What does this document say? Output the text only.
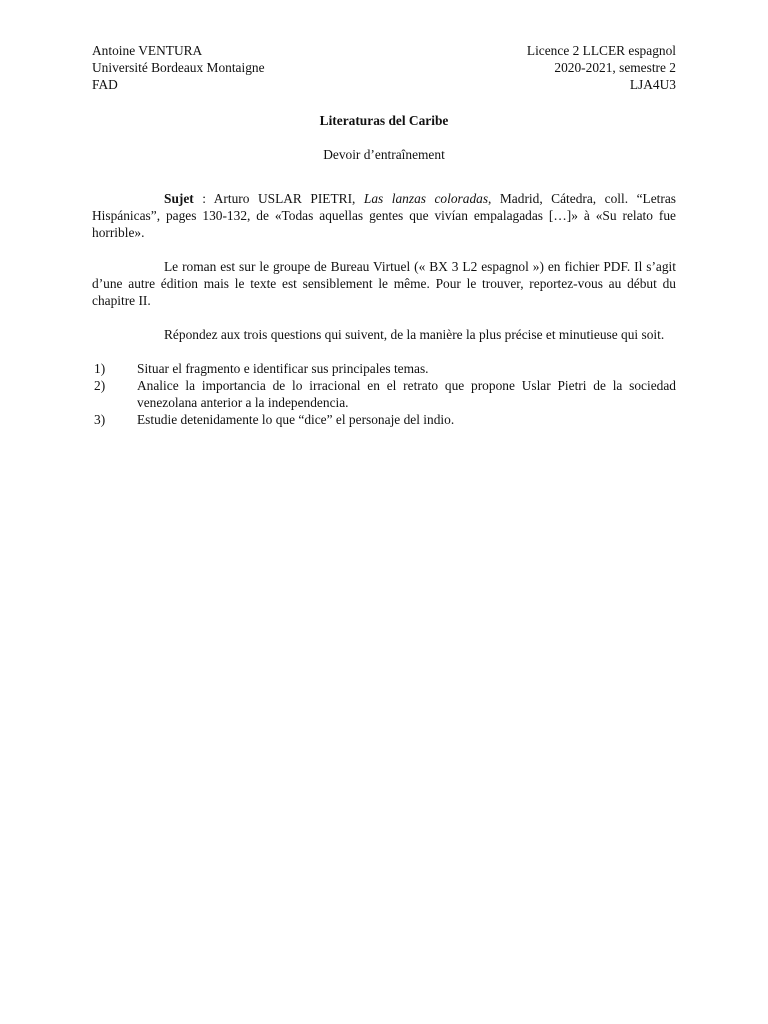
Antoine VENTURA	Licence 2 LLCER espagnol
Université Bordeaux Montaigne	2020-2021, semestre 2
FAD	LJA4U3
Literaturas del Caribe
Devoir d’entraînement

Sujet : Arturo USLAR PIETRI, Las lanzas coloradas, Madrid, Cátedra, coll. “Letras Hispánicas”, pages 130-132, de «Todas aquellas gentes que vivían empalagadas […]» à «Su relato fue horrible».

Le roman est sur le groupe de Bureau Virtuel (« BX 3 L2 espagnol ») en fichier PDF. Il s’agit d’une autre édition mais le texte est sensiblement le même. Pour le trouver, reportez-vous au début du chapitre II.

Répondez aux trois questions qui suivent, de la manière la plus précise et minutieuse qui soit.

1)	Situar el fragmento e identificar sus principales temas.
2)	Analice la importancia de lo irracional en el retrato que propone Uslar Pietri de la sociedad venezolana anterior a la independencia.
3)	Estudie detenidamente lo que “dice” el personaje del indio.
